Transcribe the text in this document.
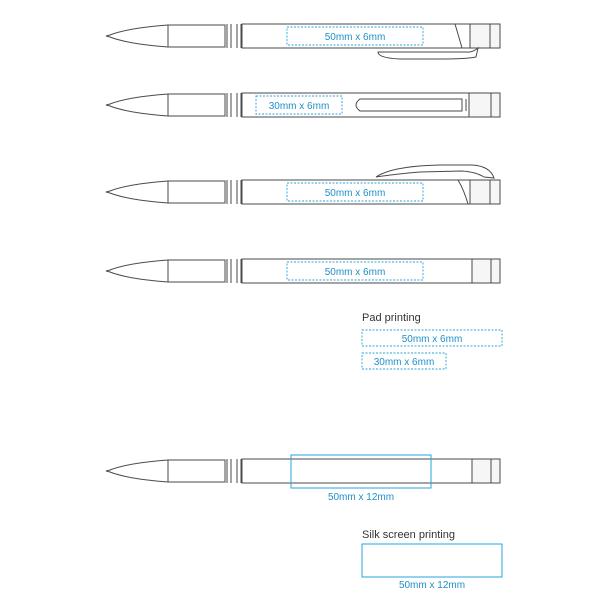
50mm x 6mm
30mm x 6mm
50mm x 6mm
50mm x 6mm
Pad printing
50mm x 6mm
30mm x 6mm
50mm x 12mm
Silk screen printing
50mm x 12mm
